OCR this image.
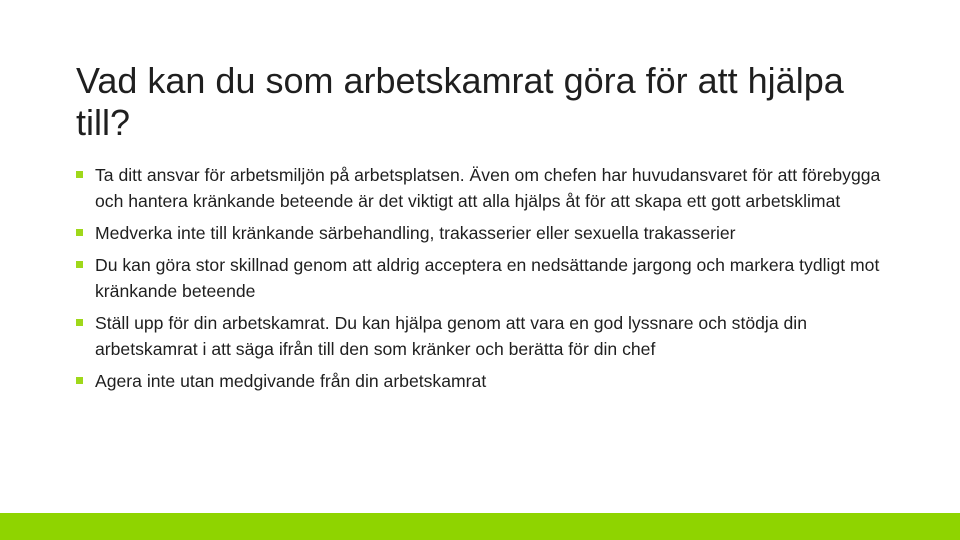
Vad kan du som arbetskamrat göra för att hjälpa till?
Ta ditt ansvar för arbetsmiljön på arbetsplatsen. Även om chefen har huvudansvaret för att förebygga och hantera kränkande beteende är det viktigt att alla hjälps åt för att skapa ett gott arbetsklimat
Medverka inte till kränkande särbehandling, trakasserier eller sexuella trakasserier
Du kan göra stor skillnad genom att aldrig acceptera en nedsättande jargong och markera tydligt mot kränkande beteende
Ställ upp för din arbetskamrat. Du kan hjälpa genom att vara en god lyssnare och stödja din arbetskamrat i att säga ifrån till den som kränker och berätta för din chef
Agera inte utan medgivande från din arbetskamrat
